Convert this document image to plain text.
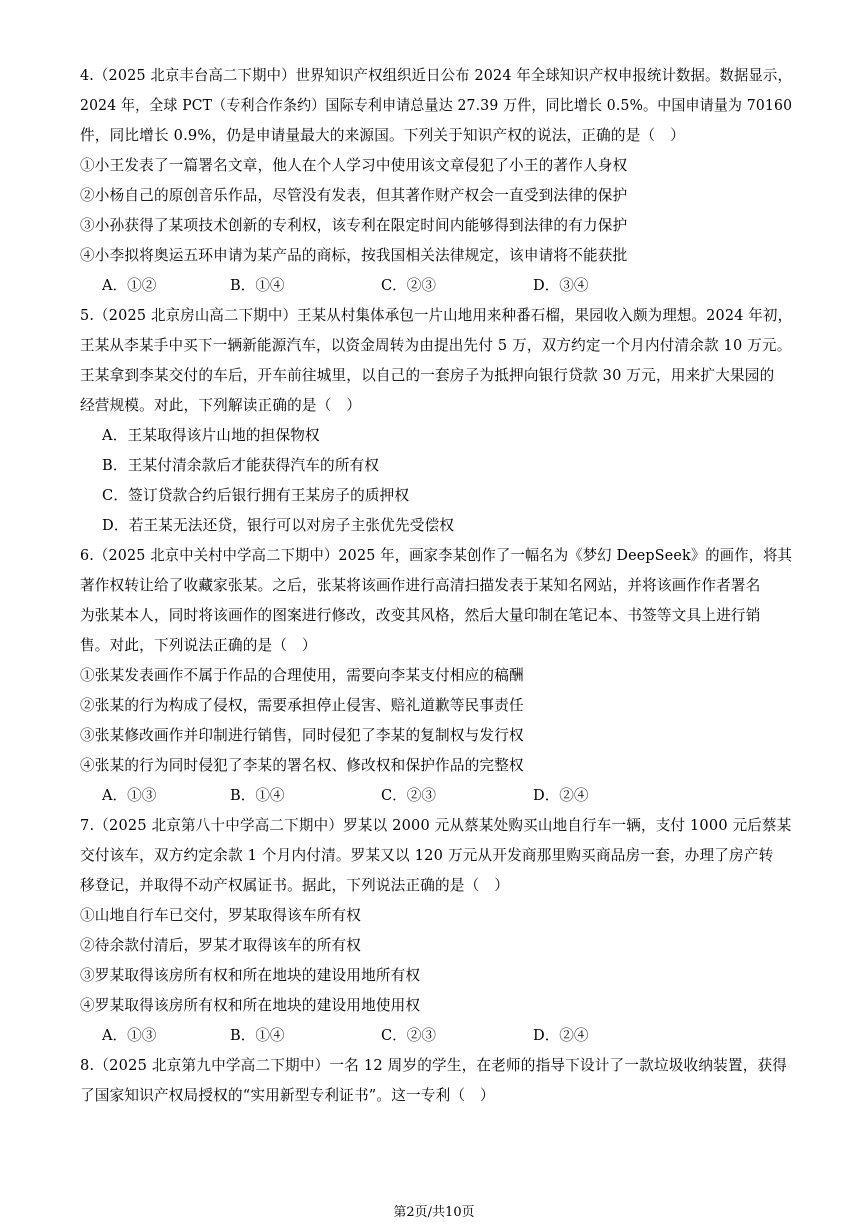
4.（2025 北京丰台高二下期中）世界知识产权组织近日公布 2024 年全球知识产权申报统计数据。数据显示，
2024 年，全球 PCT（专利合作条约）国际专利申请总量达 27.39 万件，同比增长 0.5%。中国申请量为 70160
件，同比增长 0.9%，仍是申请量最大的来源国。下列关于知识产权的说法，正确的是（　）
①小王发表了一篇署名文章，他人在个人学习中使用该文章侵犯了小王的著作人身权
②小杨自己的原创音乐作品，尽管没有发表，但其著作财产权会一直受到法律的保护
③小孙获得了某项技术创新的专利权，该专利在限定时间内能够得到法律的有力保护
④小李拟将奥运五环申请为某产品的商标，按我国相关法律规定，该申请将不能获批
A．①②	B．①④	C．②③	D．③④
5.（2025 北京房山高二下期中）王某从村集体承包一片山地用来种番石榴，果园收入颇为理想。2024 年初，
王某从李某手中买下一辆新能源汽车，以资金周转为由提出先付 5 万，双方约定一个月内付清余款 10 万元。
王某拿到李某交付的车后，开车前往城里，以自己的一套房子为抵押向银行贷款 30 万元，用来扩大果园的
经营规模。对此，下列解读正确的是（　）
A．王某取得该片山地的担保物权
B．王某付清余款后才能获得汽车的所有权
C．签订贷款合约后银行拥有王某房子的质押权
D．若王某无法还贷，银行可以对房子主张优先受偿权
6.（2025 北京中关村中学高二下期中）2025 年，画家李某创作了一幅名为《梦幻 DeepSeek》的画作，将其
著作权转让给了收藏家张某。之后，张某将该画作进行高清扫描发表于某知名网站，并将该画作作者署名
为张某本人，同时将该画作的图案进行修改，改变其风格，然后大量印制在笔记本、书签等文具上进行销
售。对此，下列说法正确的是（　）
①张某发表画作不属于作品的合理使用，需要向李某支付相应的稿酬
②张某的行为构成了侵权，需要承担停止侵害、赔礼道歉等民事责任
③张某修改画作并印制进行销售，同时侵犯了李某的复制权与发行权
④张某的行为同时侵犯了李某的署名权、修改权和保护作品的完整权
A．①③	B．①④	C．②③	D．②④
7.（2025 北京第八十中学高二下期中）罗某以 2000 元从蔡某处购买山地自行车一辆，支付 1000 元后蔡某
交付该车，双方约定余款 1 个月内付清。罗某又以 120 万元从开发商那里购买商品房一套，办理了房产转
移登记，并取得不动产权属证书。据此，下列说法正确的是（　）
①山地自行车已交付，罗某取得该车所有权
②待余款付清后，罗某才取得该车的所有权
③罗某取得该房所有权和所在地块的建设用地所有权
④罗某取得该房所有权和所在地块的建设用地使用权
A．①③	B．①④	C．②③	D．②④
8.（2025 北京第九中学高二下期中）一名 12 周岁的学生，在老师的指导下设计了一款垃圾收纳装置，获得
了国家知识产权局授权的“实用新型专利证书”。这一专利（　）
第2页/共10页
